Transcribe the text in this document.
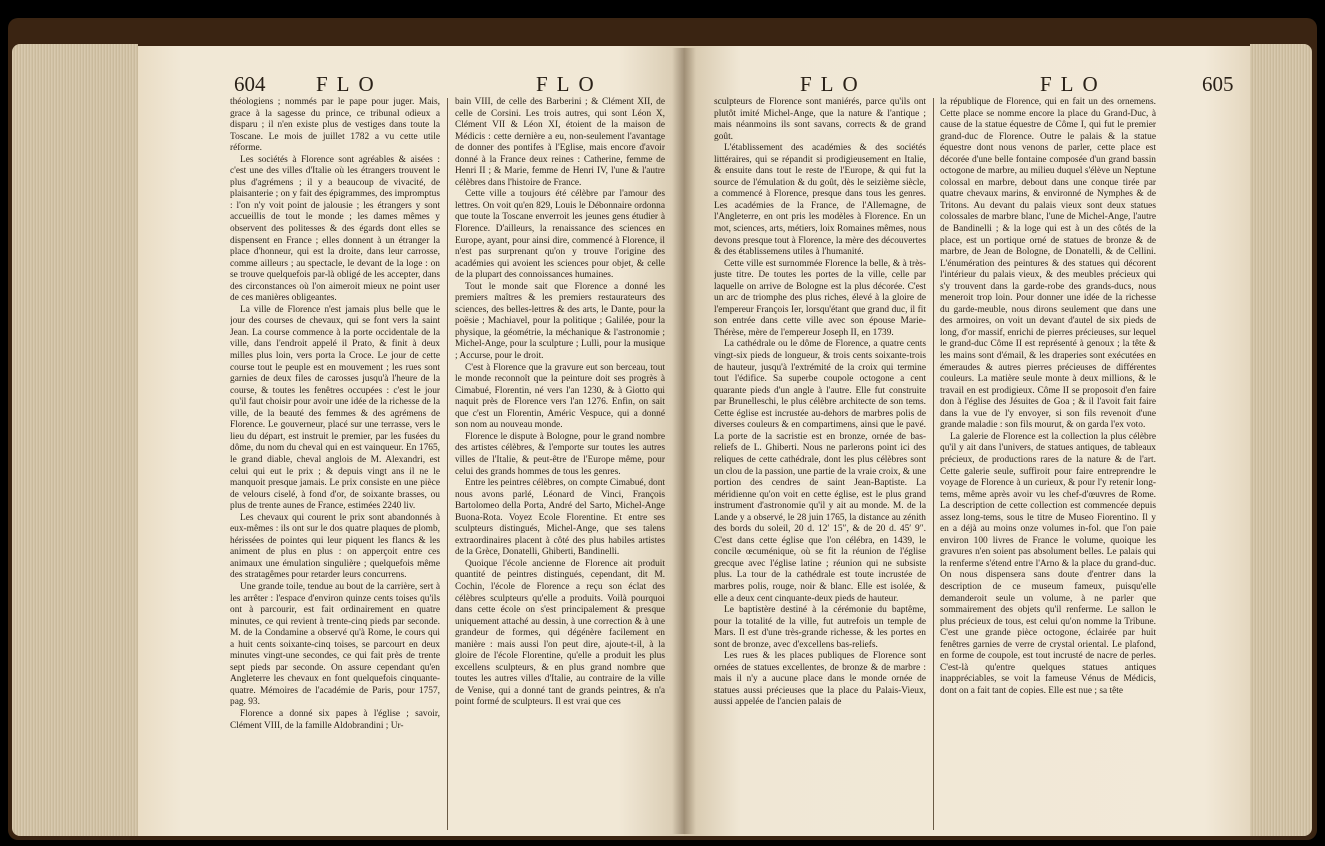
604 FLO	FLO

théologiens ; nommés par le pape pour juger. Mais, grace à la sagesse du prince, ce tribunal odieux a disparu ; il n'en existe plus de vestiges dans toute la Toscane. Le mois de juillet 1782 a vu cette utile réforme.

Les sociétés à Florence sont agréables & aisées : c'est une des villes d'Italie où les étrangers trouvent le plus d'agrémens ; il y a beaucoup de vivacité, de plaisanterie ; on y fait des épigrammes, des impromptus : l'on n'y voit point de jalousie ; les étrangers y sont accueillis de tout le monde ; les dames mêmes y observent des politesses & des égards dont elles se dispensent en France ; elles donnent à un étranger la place d'honneur, qui est la droite, dans leur carrosse, comme ailleurs ; au spectacle, le devant de la loge : on se trouve quelquefois par-là obligé de les accepter, dans des circonstances où l'on aimeroit mieux ne point user de ces manières obligeantes.

La ville de Florence n'est jamais plus belle que le jour des courses de chevaux, qui se font vers la saint Jean. La course commence à la porte occidentale de la ville, dans l'endroit appelé il Prato, & finit à deux milles plus loin, vers porta la Croce. Le jour de cette course tout le peuple est en mouvement ; les rues sont garnies de deux files de carosses jusqu'à l'heure de la course, & toutes les fenêtres occupées : c'est le jour qu'il faut choisir pour avoir une idée de la richesse de la ville, de la beauté des femmes & des agrémens de Florence. Le gouverneur, placé sur une terrasse, vers le lieu du départ, est instruit le premier, par les fusées du dôme, du nom du cheval qui en est vainqueur. En 1765, le grand diable, cheval anglois de M. Alexandri, est celui qui eut le prix ; & depuis vingt ans il ne le manquoit presque jamais. Le prix consiste en une pièce de velours ciselé, à fond d'or, de soixante brasses, ou plus de trente aunes de France, estimées 2240 liv.

Les chevaux qui courent le prix sont abandonnés à eux-mêmes : ils ont sur le dos quatre plaques de plomb, hérissées de pointes qui leur piquent les flancs & les animent de plus en plus : on apperçoit entre ces animaux une émulation singulière ; quelquefois même des stratagêmes pour retarder leurs concurrens.

Une grande toile, tendue au bout de la carrière, sert à les arrêter : l'espace d'environ quinze cents toises qu'ils ont à parcourir, est fait ordinairement en quatre minutes, ce qui revient à trente-cinq pieds par seconde. M. de la Condamine a observé qu'à Rome, le cours qui a huit cents soixante-cinq toises, se parcourt en deux minutes vingt-une secondes, ce qui fait près de trente sept pieds par seconde. On assure cependant qu'en Angleterre les chevaux en font quelquefois cinquante-quatre. Mémoires de l'académie de Paris, pour 1757, pag. 93.

Florence a donné six papes à l'église ; savoir, Clément VIII, de la famille Aldobrandini ; Ur-

bain VIII, de celle des Barberini ; & Clément XII, de celle de Corsini. Les trois autres, qui sont Léon X, Clément VII & Léon XI, étoient de la maison de Médicis : cette dernière a eu, non-seulement l'avantage de donner des pontifes à l'Eglise, mais encore d'avoir donné à la France deux reines : Catherine, femme de Henri II ; & Marie, femme de Henri IV, l'une & l'autre célèbres dans l'histoire de France.

Cette ville a toujours été célèbre par l'amour des lettres. On voit qu'en 829, Louis le Débonnaire ordonna que toute la Toscane enverroit les jeunes gens étudier à Florence. D'ailleurs, la renaissance des sciences en Europe, ayant, pour ainsi dire, commencé à Florence, il n'est pas surprenant qu'on y trouve l'origine des académies qui avoient les sciences pour objet, & celle de la plupart des connoissances humaines.

Tout le monde sait que Florence a donné les premiers maîtres & les premiers restaurateurs des sciences, des belles-lettres & des arts, le Dante, pour la poësie ; Machiavel, pour la politique ; Galilée, pour la physique, la géométrie, la méchanique & l'astronomie ; Michel-Ange, pour la sculpture ; Lulli, pour la musique ; Accurse, pour le droit.

C'est à Florence que la gravure eut son berceau, tout le monde reconnoît que la peinture doit ses progrès à Cimabué, Florentin, né vers l'an 1230, & à Giotto qui naquit près de Florence vers l'an 1276. Enfin, on sait que c'est un Florentin, Améric Vespuce, qui a donné son nom au nouveau monde.

Florence le dispute à Bologne, pour le grand nombre des artistes célèbres, & l'emporte sur toutes les autres villes de l'Italie, & peut-être de l'Europe même, pour celui des grands hommes de tous les genres.

Entre les peintres célèbres, on compte Cimabué, dont nous avons parlé, Léonard de Vinci, François Bartolomeo della Porta, André del Sarto, Michel-Ange Buona-Rota. Voyez Ecole Florentine. Et entre ses sculpteurs distingués, Michel-Ange, que ses talens extraordinaires placent à côté des plus habiles artistes de la Grèce, Donatelli, Ghiberti, Bandinelli.

Quoique l'école ancienne de Florence ait produit quantité de peintres distingués, cependant, dit M. Cochin, l'école de Florence a reçu son éclat des célèbres sculpteurs qu'elle a produits. Voilà pourquoi dans cette école on s'est principalement & presque uniquement attaché au dessin, à une correction & à une grandeur de formes, qui dégénère facilement en manière : mais aussi l'on peut dire, ajoute-t-il, à la gloire de l'école Florentine, qu'elle a produit les plus excellens sculpteurs, & en plus grand nombre que toutes les autres villes d'Italie, au contraire de la ville de Venise, qui a donné tant de grands peintres, & n'a point formé de sculpteurs. Il est vrai que ces

FLO	FLO	605

sculpteurs de Florence sont maniérés, parce qu'ils ont plutôt imité Michel-Ange, que la nature & l'antique ; mais néanmoins ils sont savans, corrects & de grand goût.

L'établissement des académies & des sociétés littéraires, qui se répandit si prodigieusement en Italie, & ensuite dans tout le reste de l'Europe, & qui fut la source de l'émulation & du goût, dès le seizième siècle, a commencé à Florence, presque dans tous les genres. Les académies de la France, de l'Allemagne, de l'Angleterre, en ont pris les modèles à Florence. En un mot, sciences, arts, métiers, loix Romaines mêmes, nous devons presque tout à Florence, la mère des découvertes & des établissemens utiles à l'humanité.

Cette ville est surnommée Florence la belle, & à très-juste titre. De toutes les portes de la ville, celle par laquelle on arrive de Bologne est la plus décorée. C'est un arc de triomphe des plus riches, élevé à la gloire de l'empereur François Ier, lorsqu'étant que grand duc, il fit son entrée dans cette ville avec son épouse Marie-Thérèse, mère de l'empereur Joseph II, en 1739.

La cathédrale ou le dôme de Florence, a quatre cents vingt-six pieds de longueur, & trois cents soixante-trois de hauteur, jusqu'à l'extrémité de la croix qui termine tout l'édifice. Sa superbe coupole octogone a cent quarante pieds d'un angle à l'autre. Elle fut construite par Brunelleschi, le plus célèbre architecte de son tems. Cette église est incrustée au-dehors de marbres polis de diverses couleurs & en compartimens, ainsi que le pavé. La porte de la sacristie est en bronze, ornée de bas-reliefs de L. Ghiberti. Nous ne parlerons point ici des reliques de cette cathédrale, dont les plus célèbres sont un clou de la passion, une partie de la vraie croix, & une portion des cendres de saint Jean-Baptiste. La méridienne qu'on voit en cette église, est le plus grand instrument d'astronomie qu'il y ait au monde. M. de la Lande y a observé, le 28 juin 1765, la distance au zénith des bords du soleil, 20 d. 12′ 15″, & de 20 d. 45′ 9″. C'est dans cette église que l'on célébra, en 1439, le concile œcuménique, où se fit la réunion de l'église grecque avec l'église latine ; réunion qui ne subsiste plus. La tour de la cathédrale est toute incrustée de marbres polis, rouge, noir & blanc. Elle est isolée, & elle a deux cent cinquante-deux pieds de hauteur.

Le baptistère destiné à la cérémonie du baptême, pour la totalité de la ville, fut autrefois un temple de Mars. Il est d'une très-grande richesse, & les portes en sont de bronze, avec d'excellens bas-reliefs.

Les rues & les places publiques de Florence sont ornées de statues excellentes, de bronze & de marbre : mais il n'y a aucune place dans le monde ornée de statues aussi précieuses que la place du Palais-Vieux, aussi appelée de l'ancien palais de

la république de Florence, qui en fait un des ornemens. Cette place se nomme encore la place du Grand-Duc, à cause de la statue équestre de Côme I, qui fut le premier grand-duc de Florence. Outre le palais & la statue équestre dont nous venons de parler, cette place est décorée d'une belle fontaine composée d'un grand bassin octogone de marbre, au milieu duquel s'élève un Neptune colossal en marbre, debout dans une conque tirée par quatre chevaux marins, & environné de Nymphes & de Tritons. Au devant du palais vieux sont deux statues colossales de marbre blanc, l'une de Michel-Ange, l'autre de Bandinelli ; & la loge qui est à un des côtés de la place, est un portique orné de statues de bronze & de marbre, de Jean de Bologne, de Donatelli, & de Cellini. L'énumération des peintures & des statues qui décorent l'intérieur du palais vieux, & des meubles précieux qui s'y trouvent dans la garde-robe des grands-ducs, nous meneroit trop loin. Pour donner une idée de la richesse du garde-meuble, nous dirons seulement que dans une des armoires, on voit un devant d'autel de six pieds de long, d'or massif, enrichi de pierres précieuses, sur lequel le grand-duc Côme II est représenté à genoux ; la tête & les mains sont d'émail, & les draperies sont exécutées en émeraudes & autres pierres précieuses de différentes couleurs. La matière seule monte à deux millions, & le travail en est prodigieux. Côme II se proposoit d'en faire don à l'église des Jésuites de Goa ; & il l'avoit fait faire dans la vue de l'y envoyer, si son fils revenoit d'une grande maladie : son fils mourut, & on garda l'ex voto.

La galerie de Florence est la collection la plus célèbre qu'il y ait dans l'univers, de statues antiques, de tableaux précieux, de productions rares de la nature & de l'art. Cette galerie seule, suffiroit pour faire entreprendre le voyage de Florence à un curieux, & pour l'y retenir long-tems, même après avoir vu les chef-d'œuvres de Rome. La description de cette collection est commencée depuis assez long-tems, sous le titre de Museo Fiorentino. Il y en a déjà au moins onze volumes in-fol. que l'on paie environ 100 livres de France le volume, quoique les gravures n'en soient pas absolument belles. Le palais qui la renferme s'étend entre l'Arno & la place du grand-duc. On nous dispensera sans doute d'entrer dans la description de ce museum fameux, puisqu'elle demanderoit seule un volume, à ne parler que sommairement des objets qu'il renferme. Le sallon le plus précieux de tous, est celui qu'on nomme la Tribune. C'est une grande pièce octogone, éclairée par huit fenêtres garnies de verre de crystal oriental. Le plafond, en forme de coupole, est tout incrusté de nacre de perles. C'est-là qu'entre quelques statues antiques inappréciables, se voit la fameuse Vénus de Médicis, dont on a fait tant de copies. Elle est nue ; sa tête
